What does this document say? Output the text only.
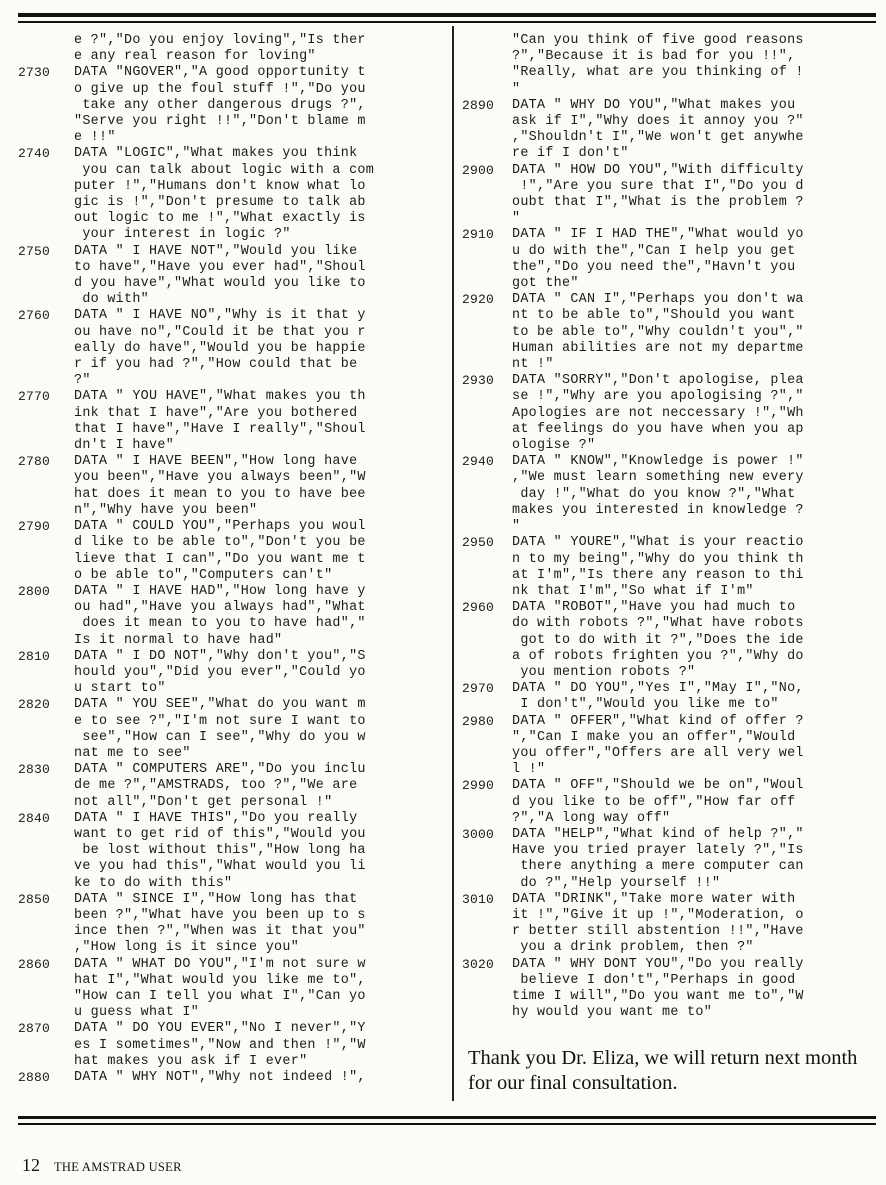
e ?","Do you enjoy loving","Is ther
e any real reason for loving"
2730	DATA "NGOVER","A good opportunity t
o give up the foul stuff !","Do you
take any other dangerous drugs ?",
"Serve you right !!","Don't blame m
e !!"
2740	DATA "LOGIC","What makes you think
you can talk about logic with a com
puter !","Humans don't know what lo
gic is !","Don't presume to talk ab
out logic to me !","What exactly is
your interest in logic ?"
2750	DATA " I HAVE NOT","Would you like
to have","Have you ever had","Shoul
d you have","What would you like to
do with"
2760	DATA " I HAVE NO","Why is it that y
ou have no","Could it be that you r
eally do have","Would you be happie
r if you had ?","How could that be
?"
2770	DATA " YOU HAVE","What makes you th
ink that I have","Are you bothered
that I have","Have I really","Shoul
dn't I have"
2780	DATA " I HAVE BEEN","How long have
you been","Have you always been","W
hat does it mean to you to have bee
n","Why have you been"
2790	DATA " COULD YOU","Perhaps you woul
d like to be able to","Don't you be
lieve that I can","Do you want me t
o be able to","Computers can't"
2800	DATA " I HAVE HAD","How long have y
ou had","Have you always had","What
does it mean to you to have had","
Is it normal to have had"
2810	DATA " I DO NOT","Why don't you","S
hould you","Did you ever","Could yo
u start to"
2820	DATA " YOU SEE","What do you want m
e to see ?","I'm not sure I want to
see","How can I see","Why do you w
nat me to see"
2830	DATA " COMPUTERS ARE","Do you inclu
de me ?","AMSTRADS, too ?","We are
not all","Don't get personal !"
2840	DATA " I HAVE THIS","Do you really
want to get rid of this","Would you
be lost without this","How long ha
ve you had this","What would you li
ke to do with this"
2850	DATA " SINCE I","How long has that
been ?","What have you been up to s
ince then ?","When was it that you"
,"How long is it since you"
2860	DATA " WHAT DO YOU","I'm not sure w
hat I","What would you like me to",
"How can I tell you what I","Can yo
u guess what I"
2870	DATA " DO YOU EVER","No I never","Y
es I sometimes","Now and then !","W
hat makes you ask if I ever"
2880	DATA " WHY NOT","Why not indeed !",
"Can you think of five good reasons
?","Because it is bad for you !!",
"Really, what are you thinking of !
"
2890	DATA " WHY DO YOU","What makes you
ask if I","Why does it annoy you ?"
,"Shouldn't I","We won't get anywhe
re if I don't"
2900	DATA " HOW DO YOU","With difficulty
!","Are you sure that I","Do you d
oubt that I","What is the problem ?
"
2910	DATA " IF I HAD THE","What would yo
u do with the","Can I help you get
the","Do you need the","Havn't you
got the"
2920	DATA " CAN I","Perhaps you don't wa
nt to be able to","Should you want
to be able to","Why couldn't you","
Human abilities are not my departme
nt !"
2930	DATA "SORRY","Don't apologise, plea
se !","Why are you apologising ?","
Apologies are not neccessary !","Wh
at feelings do you have when you ap
ologise ?"
2940	DATA " KNOW","Knowledge is power !"
,"We must learn something new every
day !","What do you know ?","What
makes you interested in knowledge ?
"
2950	DATA " YOURE","What is your reactio
n to my being","Why do you think th
at I'm","Is there any reason to thi
nk that I'm","So what if I'm"
2960	DATA "ROBOT","Have you had much to
do with robots ?","What have robots
got to do with it ?","Does the ide
a of robots frighten you ?","Why do
you mention robots ?"
2970	DATA " DO YOU","Yes I","May I","No,
I don't","Would you like me to"
2980	DATA " OFFER","What kind of offer ?
","Can I make you an offer","Would
you offer","Offers are all very wel
l !"
2990	DATA " OFF","Should we be on","Woul
d you like to be off","How far off
?","A long way off"
3000	DATA "HELP","What kind of help ?","
Have you tried prayer lately ?","Is
there anything a mere computer can
do ?","Help yourself !!"
3010	DATA "DRINK","Take more water with
it !","Give it up !","Moderation, o
r better still abstention !!","Have
you a drink problem, then ?"
3020	DATA " WHY DONT YOU","Do you really
believe I don't","Perhaps in good
time I will","Do you want me to","W
hy would you want me to"
Thank you Dr. Eliza, we will return next month for our final consultation.
12 THE AMSTRAD USER
